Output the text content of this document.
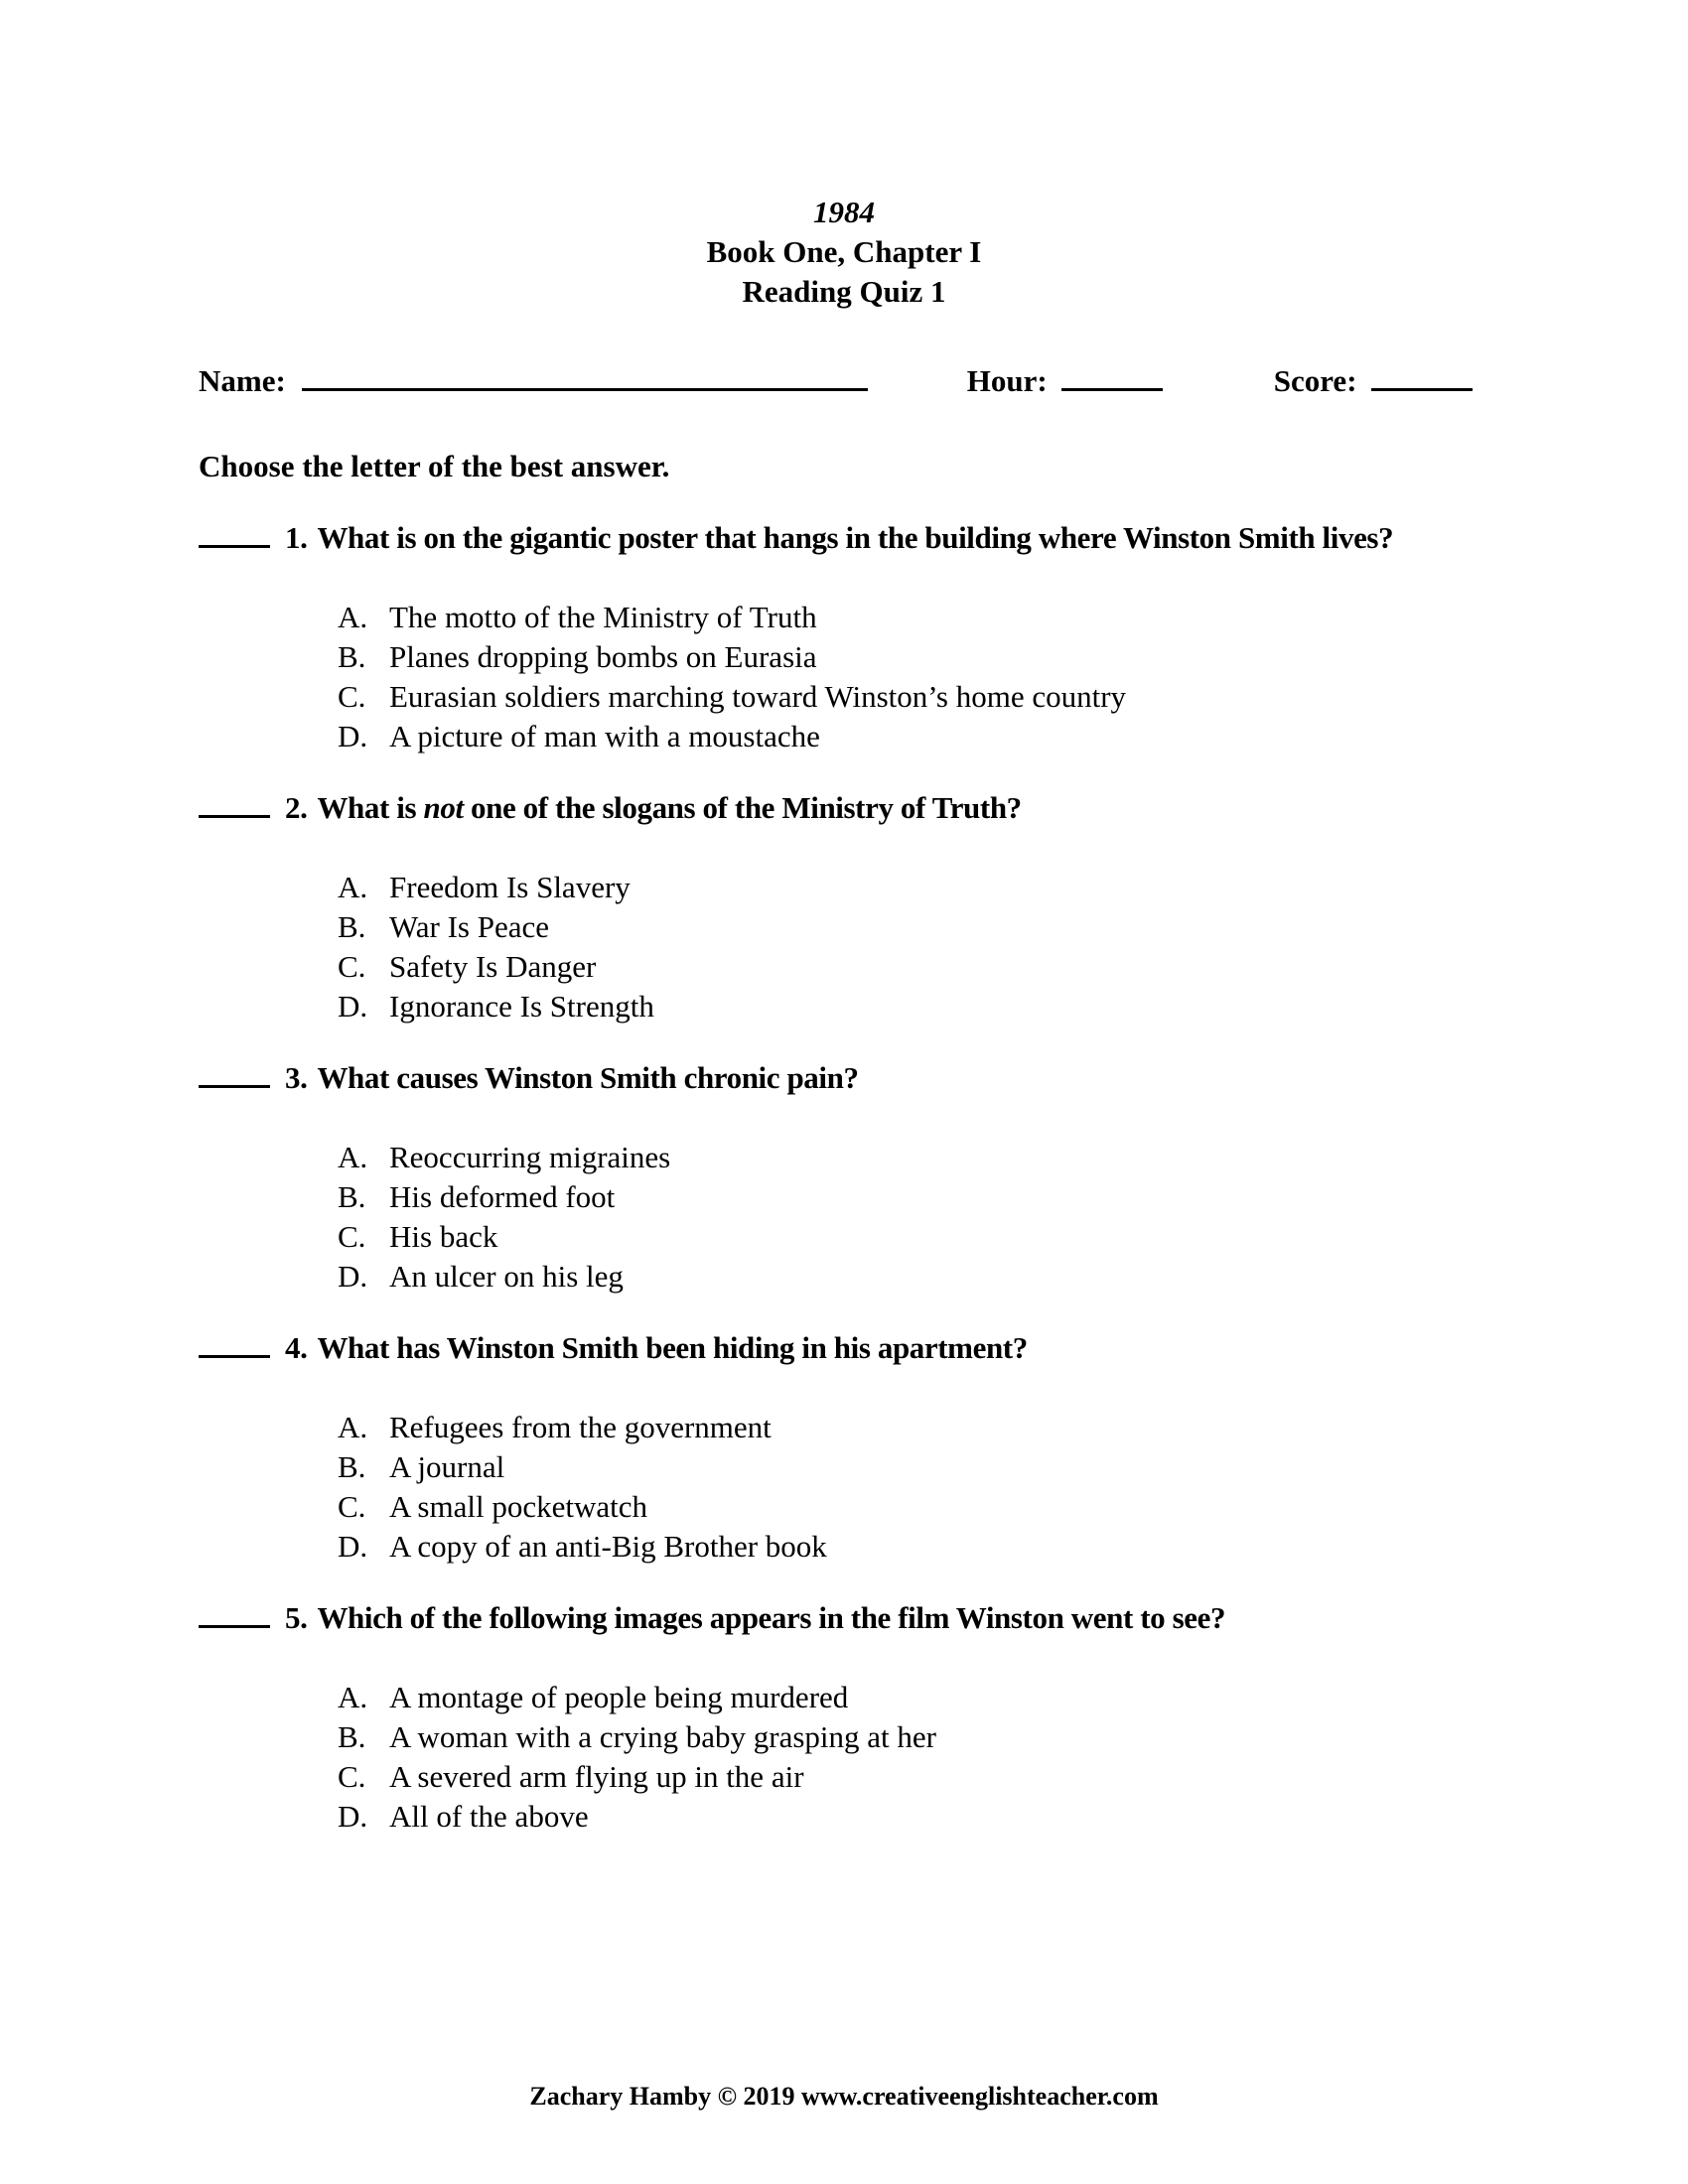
1984
Book One, Chapter I
Reading Quiz 1
Name:	Hour:	Score:
Choose the letter of the best answer.
1. What is on the gigantic poster that hangs in the building where Winston Smith lives?
A. The motto of the Ministry of Truth
B. Planes dropping bombs on Eurasia
C. Eurasian soldiers marching toward Winston’s home country
D. A picture of man with a moustache
2. What is not one of the slogans of the Ministry of Truth?
A. Freedom Is Slavery
B. War Is Peace
C. Safety Is Danger
D. Ignorance Is Strength
3. What causes Winston Smith chronic pain?
A. Reoccurring migraines
B. His deformed foot
C. His back
D. An ulcer on his leg
4. What has Winston Smith been hiding in his apartment?
A. Refugees from the government
B. A journal
C. A small pocketwatch
D. A copy of an anti-Big Brother book
5. Which of the following images appears in the film Winston went to see?
A. A montage of people being murdered
B. A woman with a crying baby grasping at her
C. A severed arm flying up in the air
D. All of the above
Zachary Hamby © 2019 www.creativeenglishteacher.com
